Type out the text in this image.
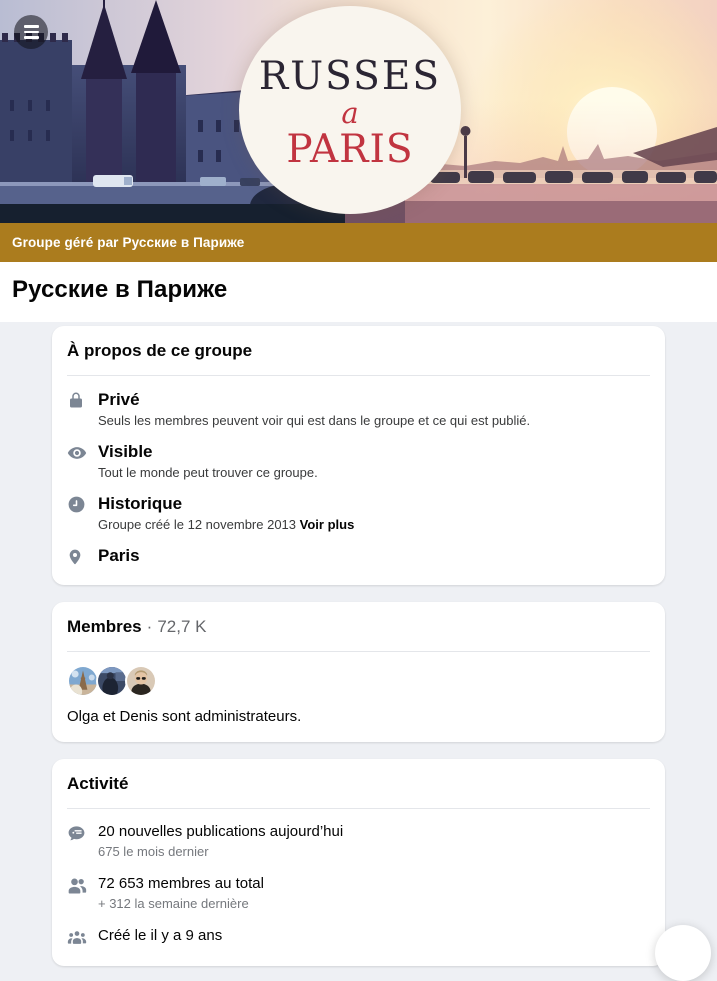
RUSSES
a
PARIS
Groupe géré par Русские в Париже
Русские в Париже
À propos de ce groupe
Privé
Seuls les membres peuvent voir qui est dans le groupe et ce qui est publié.
Visible
Tout le monde peut trouver ce groupe.
Historique
Groupe créé le 12 novembre 2013 Voir plus
Paris
Membres · 72,7 K

Olga et Denis sont administrateurs.

Activité
20 nouvelles publications aujourd’hui
675 le mois dernier
72 653 membres au total
+ 312 la semaine dernière
Créé le il y a 9 ans
